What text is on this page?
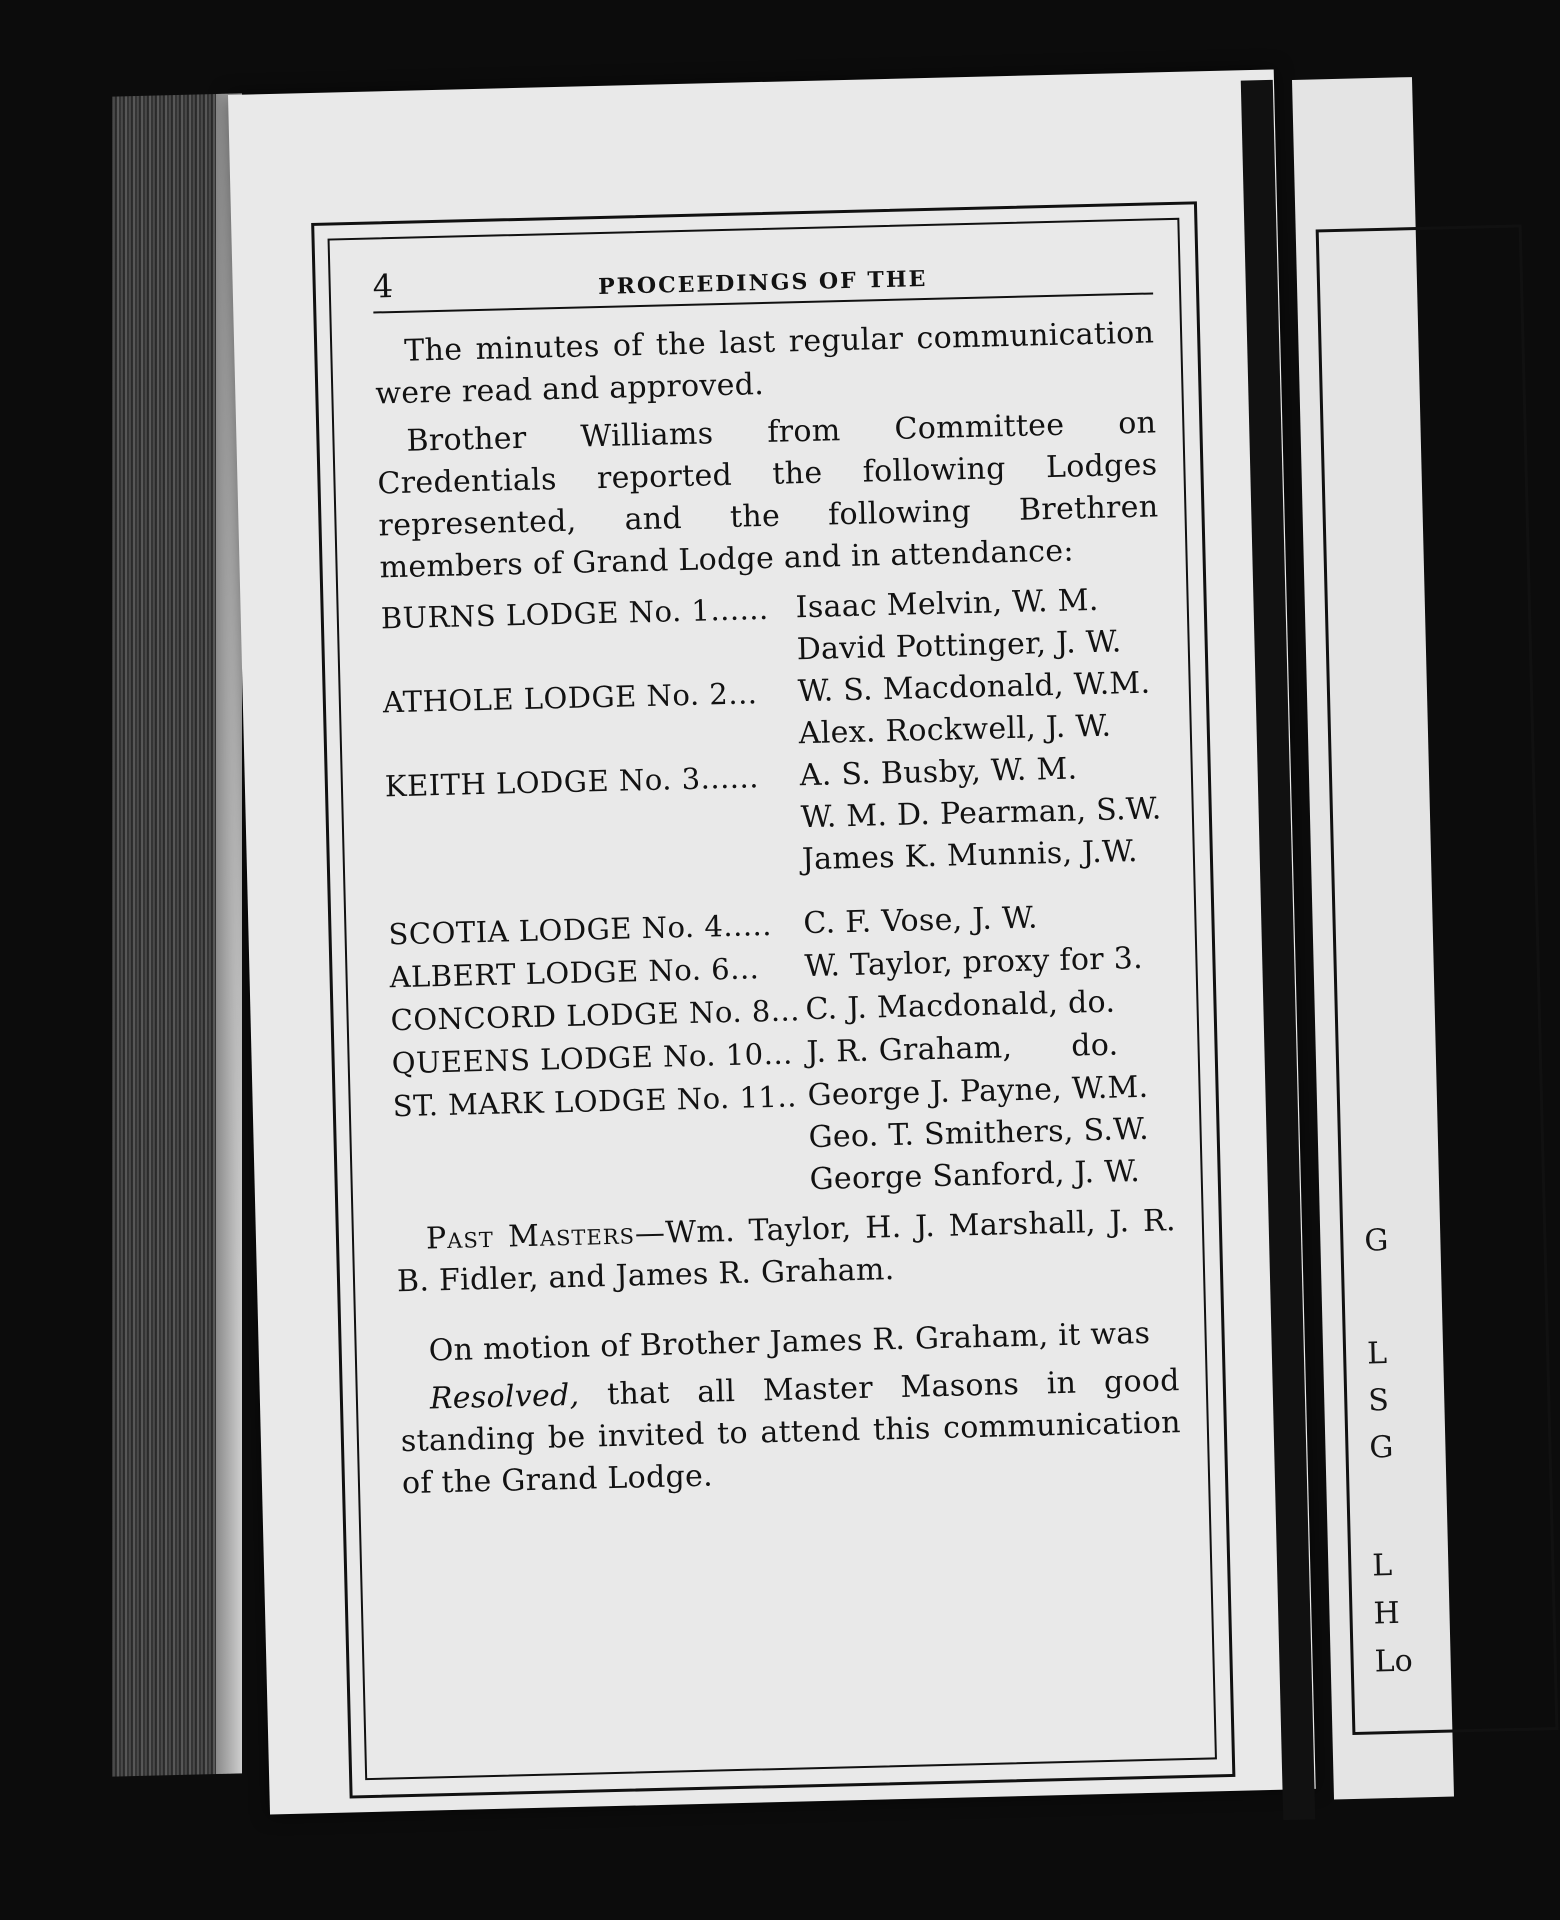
4	PROCEEDINGS OF THE

The minutes of the last regular communication were read and approved.

Brother Williams from Committee on Credentials reported the following Lodges represented, and the following Brethren members of Grand Lodge and in attendance:

BURNS LODGE No. 1...... Isaac Melvin, W. M.
David Pottinger, J. W.
ATHOLE LODGE No. 2...	W. S. Macdonald, W.M.
Alex. Rockwell, J. W.
KEITH LODGE No. 3......	A. S. Busby, W. M.
W. M. D. Pearman, S.W.
James K. Munnis, J.W.
SCOTIA LODGE No. 4.....	C. F. Vose, J. W.
ALBERT LODGE No. 6...	W. Taylor, proxy for 3.
CONCORD LODGE No. 8... C. J. Macdonald, do.
QUEENS LODGE No. 10... J. R. Graham,      do.
ST. MARK LODGE No. 11.. George J. Payne, W.M.
Geo. T. Smithers, S.W.
George Sanford, J. W.

Past Masters—Wm. Taylor, H. J. Marshall, J. R. B. Fidler, and James R. Graham.

On motion of Brother James R. Graham, it was

Resolved, that all Master Masons in good standing be invited to attend this communication of the Grand Lodge.

G
L
S
G
L
H
Lo
